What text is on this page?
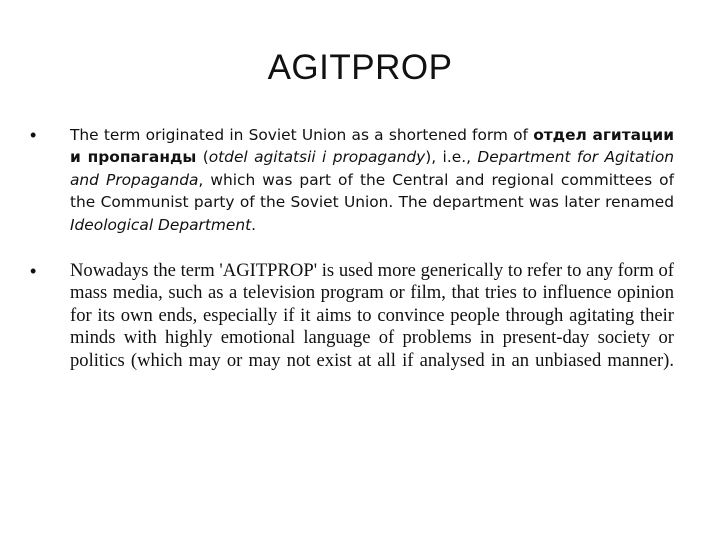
AGITPROP
• The term originated in Soviet Union as a shortened form of отдел агитации и пропаганды (otdel agitatsii i propagandy), i.e., Department for Agitation and Propaganda, which was part of the Central and regional committees of the Communist party of the Soviet Union. The department was later renamed Ideological Department.

• Nowadays the term 'AGITPROP' is used more generically to refer to any form of mass media, such as a television program or film, that tries to influence opinion for its own ends, especially if it aims to convince people through agitating their minds with highly emotional language of problems in present-day society or politics (which may or may not exist at all if analysed in an unbiased manner).
